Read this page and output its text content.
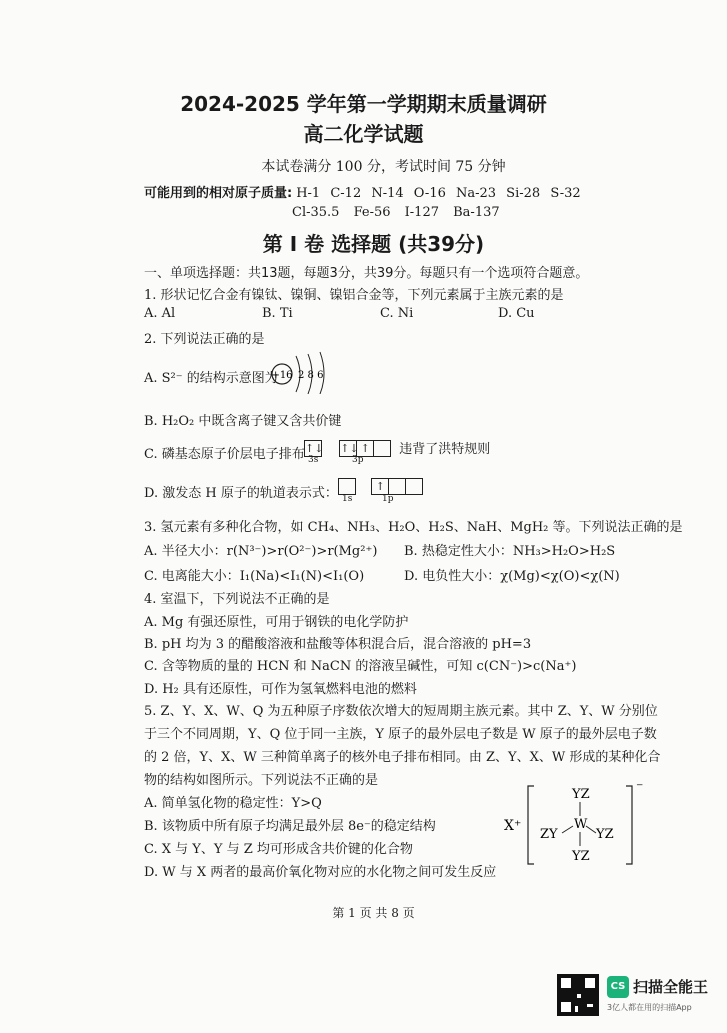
2024-2025 学年第一学期期末质量调研
高二化学试题
本试卷满分 100 分，考试时间 75 分钟
可能用到的相对原子质量: H-1 C-12 N-14 O-16 Na-23 Si-28 S-32
Cl-35.5 Fe-56 I-127 Ba-137
第 I 卷 选择题 (共39分)
一、单项选择题：共13题，每题3分，共39分。每题只有一个选项符合题意。
1. 形状记忆合金有镍钛、镍铜、镍铝合金等，下列元素属于主族元素的是
A. Al	B. Ti	C. Ni	D. Cu
2. 下列说法正确的是
A. S²⁻ 的结构示意图为
+16 2 8 6
B. H₂O₂ 中既含离子键又含共价键
C. 磷基态原子价层电子排布 ↑↓ ↑↓ ↑ 违背了洪特规则
3s	3p
D. 激发态 H 原子的轨道表示式：	↑
1s	1p
3. 氢元素有多种化合物，如 CH₄、NH₃、H₂O、H₂S、NaH、MgH₂ 等。下列说法正确的是
A. 半径大小：r(N³⁻)>r(O²⁻)>r(Mg²⁺) B. 热稳定性大小：NH₃>H₂O>H₂S
C. 电离能大小：I₁(Na)<I₁(N)<I₁(O)	D. 电负性大小：χ(Mg)<χ(O)<χ(N)
4. 室温下，下列说法不正确的是
A. Mg 有强还原性，可用于钢铁的电化学防护
B. pH 均为 3 的醋酸溶液和盐酸等体积混合后，混合溶液的 pH=3
C. 含等物质的量的 HCN 和 NaCN 的溶液呈碱性，可知 c(CN⁻)>c(Na⁺)
D. H₂ 具有还原性，可作为氢氧燃料电池的燃料
5. Z、Y、X、W、Q 为五种原子序数依次增大的短周期主族元素。其中 Z、Y、W 分别位
于三个不同周期，Y、Q 位于同一主族，Y 原子的最外层电子数是 W 原子的最外层电子数
的 2 倍，Y、X、W 三种简单离子的核外电子排布相同。由 Z、Y、X、W 形成的某种化合
物的结构如图所示。下列说法不正确的是
A. 简单氢化物的稳定性：Y>Q
B. 该物质中所有原子均满足最外层 8e⁻的稳定结构
C. X 与 Y、Y 与 Z 均可形成含共价键的化合物
D. W 与 X 两者的最高价氧化物对应的水化物之间可发生反应
X⁺
⁻
YZ
W
ZY	YZ
YZ
第 1 页 共 8 页
CS 扫描全能王
3亿人都在用的扫描App
